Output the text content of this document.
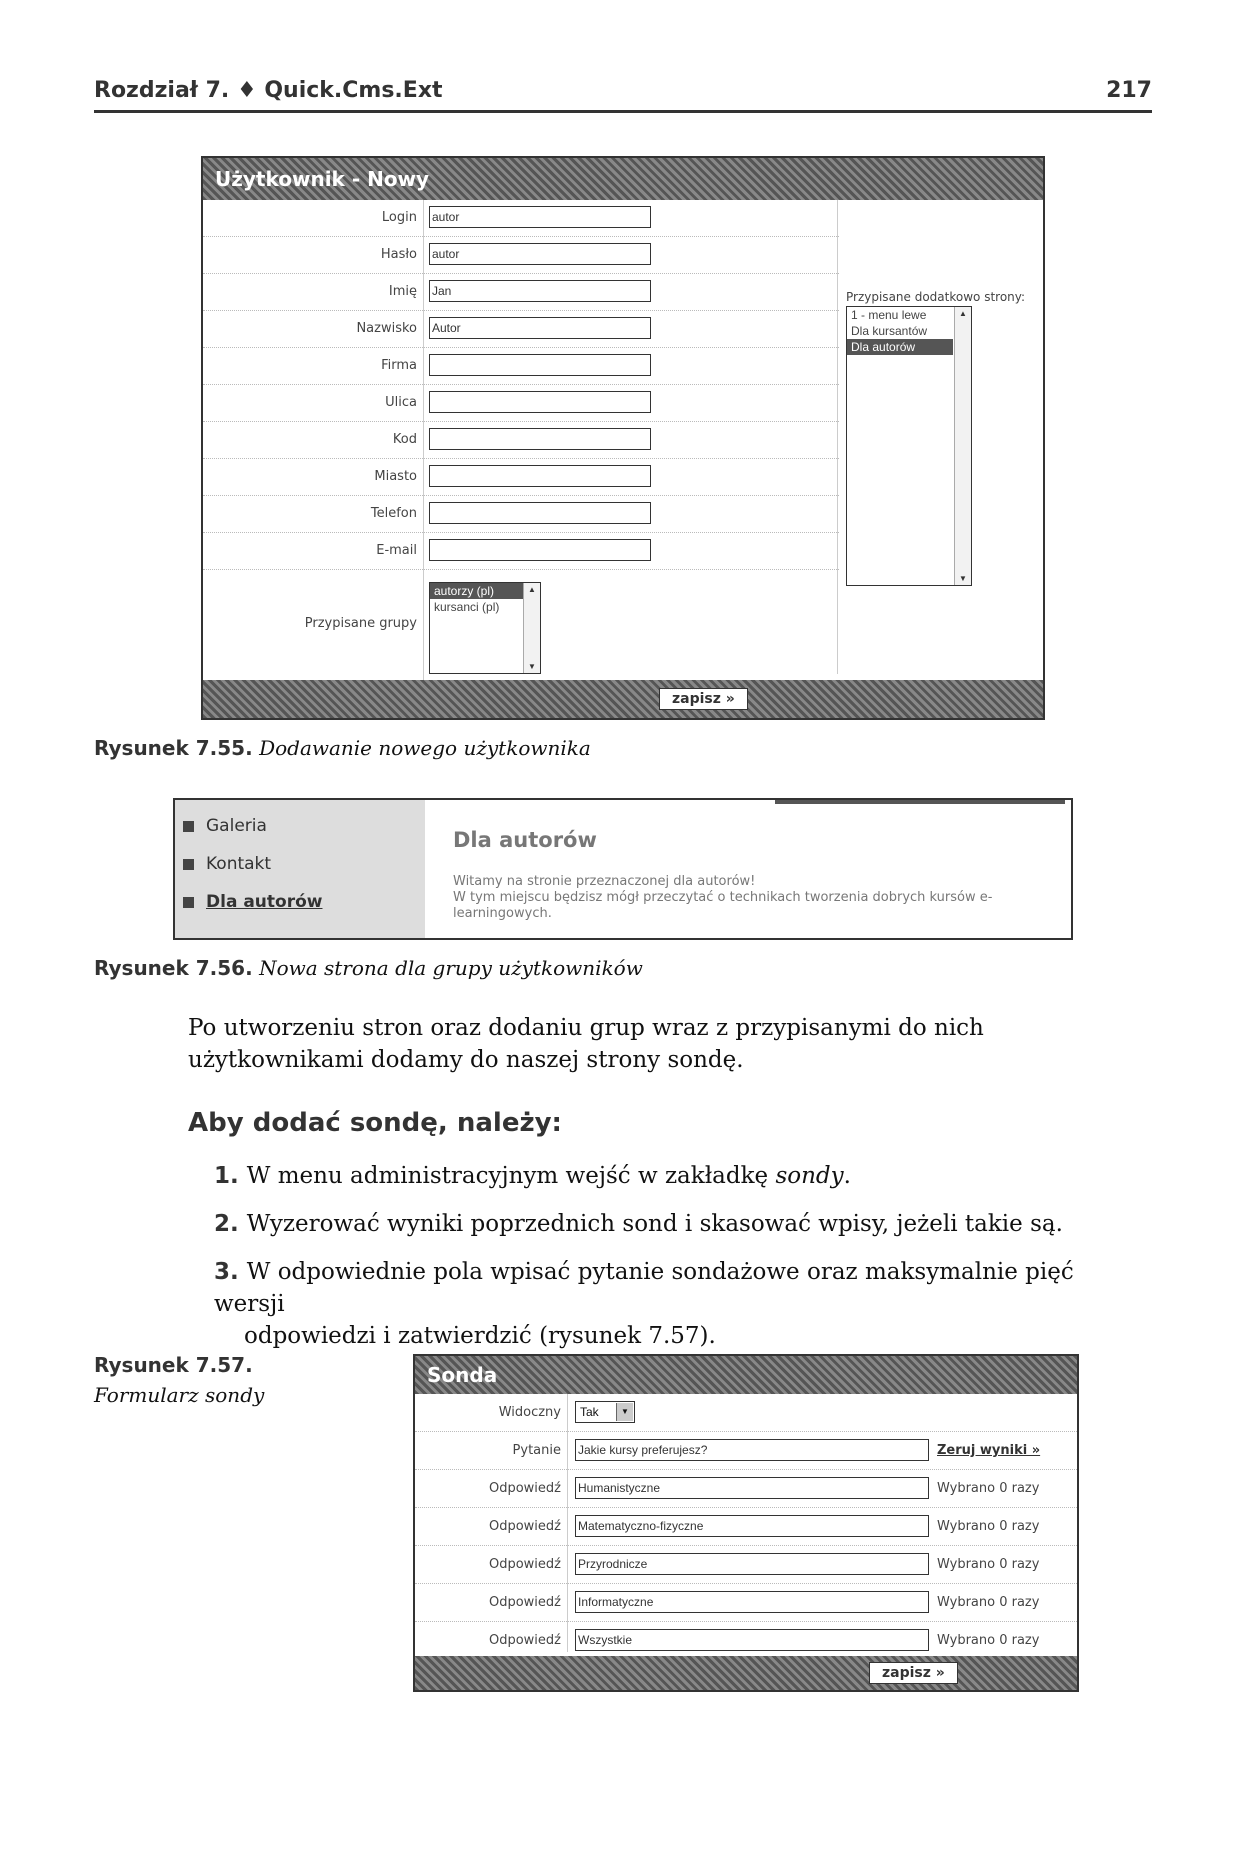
Rozdział 7. ♦ Quick.Cms.Ext	217
Użytkownik - Nowy
Login autor
Hasło autor
Imię Jan
Nazwisko Autor
Firma
Ulica
Kod
Miasto
Telefon
E-mail
Przypisane grupy
autorzy (pl)
kursanci (pl)
▲
▼
Przypisane dodatkowo strony:
1 - menu lewe
Dla kursantów
Dla autorów
▲
▼
zapisz »
Rysunek 7.55. Dodawanie nowego użytkownika
Galeria
Kontakt
Dla autorów
Dla autorów
Witamy na stronie przeznaczonej dla autorów!
W tym miejscu będzisz mógł przeczytać o technikach tworzenia dobrych kursów e-learningowych.
Rysunek 7.56. Nowa strona dla grupy użytkowników
Po utworzeniu stron oraz dodaniu grup wraz z przypisanymi do nich użytkownikami dodamy do naszej strony sondę.
Aby dodać sondę, należy:
1. W menu administracyjnym wejść w zakładkę sondy.
2. Wyzerować wyniki poprzednich sond i skasować wpisy, jeżeli takie są.
3. W odpowiednie pola wpisać pytanie sondażowe oraz maksymalnie pięć wersji
odpowiedzi i zatwierdzić (rysunek 7.57).
Rysunek 7.57.
Formularz sondy
Sonda
Widoczny	Tak	▼
Pytanie Jakie kursy preferujesz?	Zeruj wyniki »
Odpowiedź Humanistyczne	Wybrano 0 razy
Odpowiedź Matematyczno-fizyczne	Wybrano 0 razy
Odpowiedź Przyrodnicze	Wybrano 0 razy
Odpowiedź Informatyczne	Wybrano 0 razy
Odpowiedź Wszystkie	Wybrano 0 razy
zapisz »
